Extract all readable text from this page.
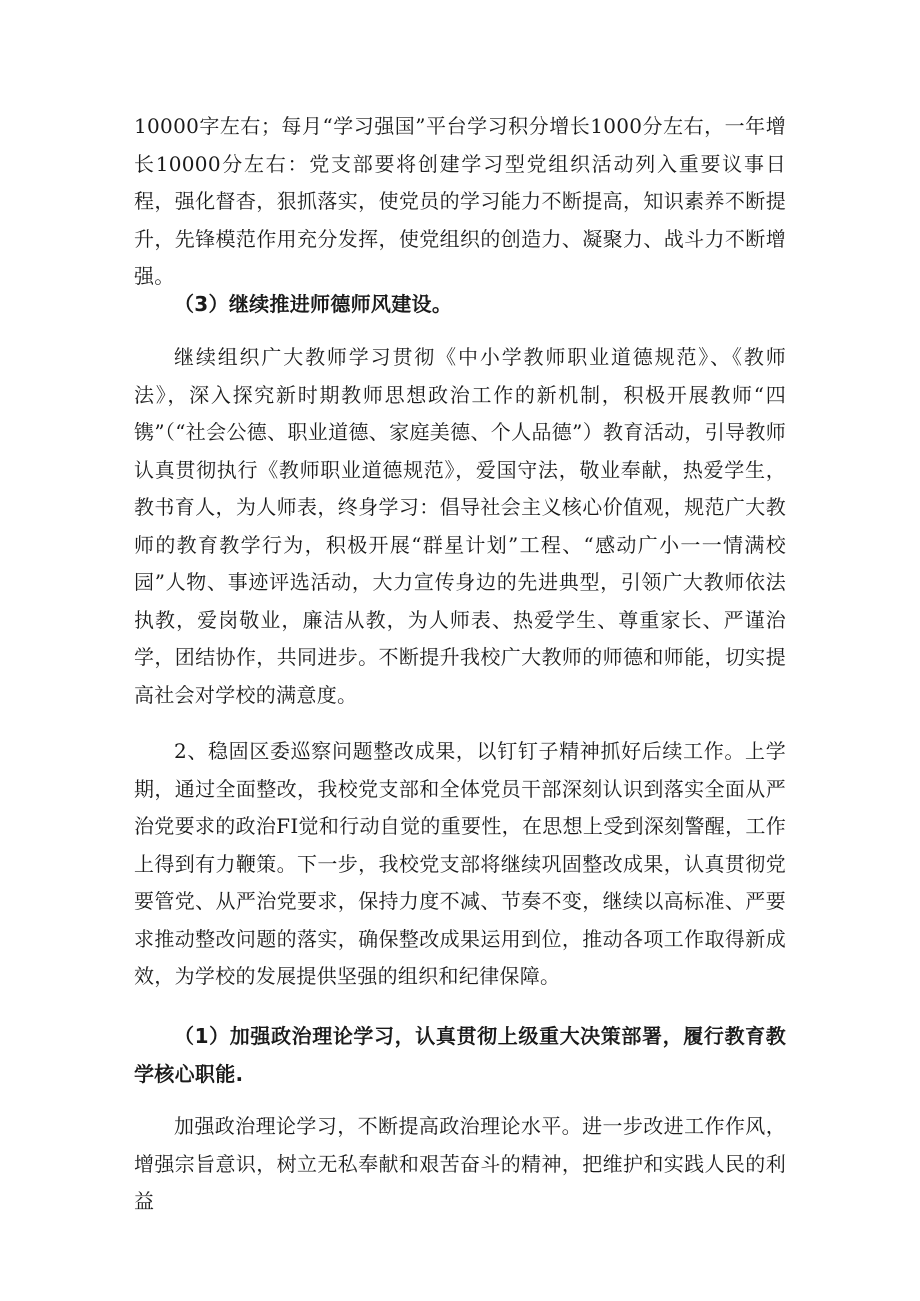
10000字左右；每月“学习强国”平台学习积分增长1000分左右，一年增长10000分左右：党支部要将创建学习型党组织活动列入重要议事日程，强化督杳，狠抓落实，使党员的学习能力不断提高，知识素养不断提升，先锋模范作用充分发挥，使党组织的创造力、凝聚力、战斗力不断增强。

（3）继续推进师德师风建设。

继续组织广大教师学习贯彻《中小学教师职业道德规范》、《教师法》，深入探究新时期教师思想政治工作的新机制，积极开展教师“四镌”（“社会公德、职业道德、家庭美德、个人品德”）教育活动，引导教师认真贯彻执行《教师职业道德规范》，爱国守法，敬业奉献，热爱学生，教书育人，为人师表，终身学习：倡导社会主义核心价值观，规范广大教师的教育教学行为，积极开展“群星计划”工程、“感动广小一一情满校园”人物、事迹评选活动，大力宣传身边的先进典型，引领广大教师依法执教，爱岗敬业，廉洁从教，为人师表、热爱学生、尊重家长、严谨治学，团结协作，共同进步。不断提升我校广大教师的师德和师能，切实提高社会对学校的满意度。

2、稳固区委巡察问题整改成果，以钉钉子精神抓好后续工作。上学期，通过全面整改，我校党支部和全体党员干部深刻认识到落实全面从严治党要求的政治FI觉和行动自觉的重要性，在思想上受到深刻警醒，工作上得到有力鞭策。下一步，我校党支部将继续巩固整改成果，认真贯彻党要管党、从严治党要求，保持力度不减、节奏不变，继续以高标准、严要求推动整改问题的落实，确保整改成果运用到位，推动各项工作取得新成效，为学校的发展提供坚强的组织和纪律保障。

（1）加强政治理论学习，认真贯彻上级重大决策部署，履行教育教学核心职能.

加强政治理论学习，不断提高政治理论水平。进一步改进工作作风，增强宗旨意识，树立无私奉献和艰苦奋斗的精神，把维护和实践人民的利益
